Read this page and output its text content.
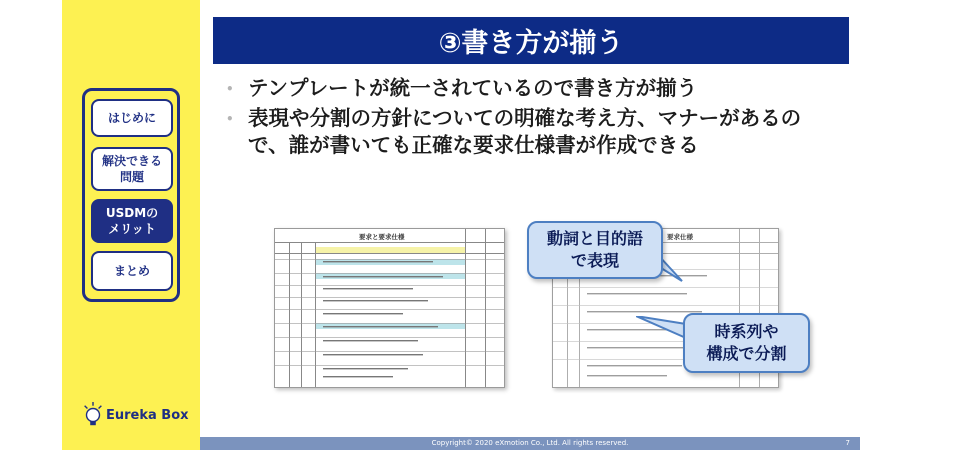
はじめに
解決できる
問題
USDMの
メリット
まとめ
Eureka Box
③書き方が揃う
• テンプレートが統一されているので書き方が揃う
• 表現や分割の方針についての明確な考え方、マナーがあるので、誰が書いても正確な要求仕様書が作成できる
要求と要求仕様	要求仕様
動詞と目的語
で表現
時系列や
構成で分割
Copyright© 2020 eXmotion Co., Ltd. All rights reserved.	7
